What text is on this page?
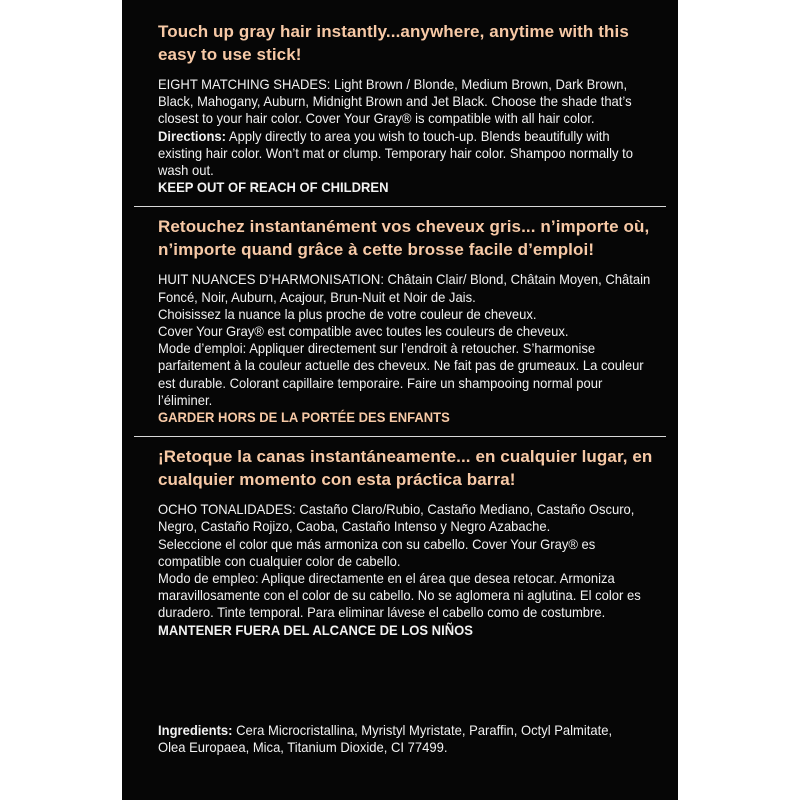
Touch up gray hair instantly...anywhere, anytime with this easy to use stick!

EIGHT MATCHING SHADES: Light Brown / Blonde, Medium Brown, Dark Brown, Black, Mahogany, Auburn, Midnight Brown and Jet Black. Choose the shade that’s closest to your hair color. Cover Your Gray® is compatible with all hair color.

Directions: Apply directly to area you wish to touch-up. Blends beautifully with existing hair color. Won’t mat or clump. Temporary hair color. Shampoo normally to wash out.

KEEP OUT OF REACH OF CHILDREN

Retouchez instantanément vos cheveux gris... n’importe où, n’importe quand grâce à cette brosse facile d’emploi!

HUIT NUANCES D’HARMONISATION: Châtain Clair/ Blond, Châtain Moyen, Châtain Foncé, Noir, Auburn, Acajour, Brun-Nuit et Noir de Jais.

Choisissez la nuance la plus proche de votre couleur de cheveux.

Cover Your Gray® est compatible avec toutes les couleurs de cheveux.

Mode d’emploi: Appliquer directement sur l’endroit à retoucher. S’harmonise parfaitement à la couleur actuelle des cheveux. Ne fait pas de grumeaux. La couleur est durable. Colorant capillaire temporaire. Faire un shampooing normal pour l’éliminer.

GARDER HORS DE LA PORTÉE DES ENFANTS

¡Retoque la canas instantáneamente... en cualquier lugar, en cualquier momento con esta práctica barra!

OCHO TONALIDADES: Castaño Claro/Rubio, Castaño Mediano, Castaño Oscuro, Negro, Castaño Rojizo, Caoba, Castaño Intenso y Negro Azabache.

Seleccione el color que más armoniza con su cabello. Cover Your Gray® es compatible con cualquier color de cabello.

Modo de empleo: Aplique directamente en el área que desea retocar. Armoniza maravillosamente con el color de su cabello. No se aglomera ni aglutina. El color es duradero. Tinte temporal. Para eliminar lávese el cabello como de costumbre.

MANTENER FUERA DEL ALCANCE DE LOS NIÑOS

Ingredients: Cera Microcristallina, Myristyl Myristate, Paraffin, Octyl Palmitate, Olea Europaea, Mica, Titanium Dioxide, CI 77499.
